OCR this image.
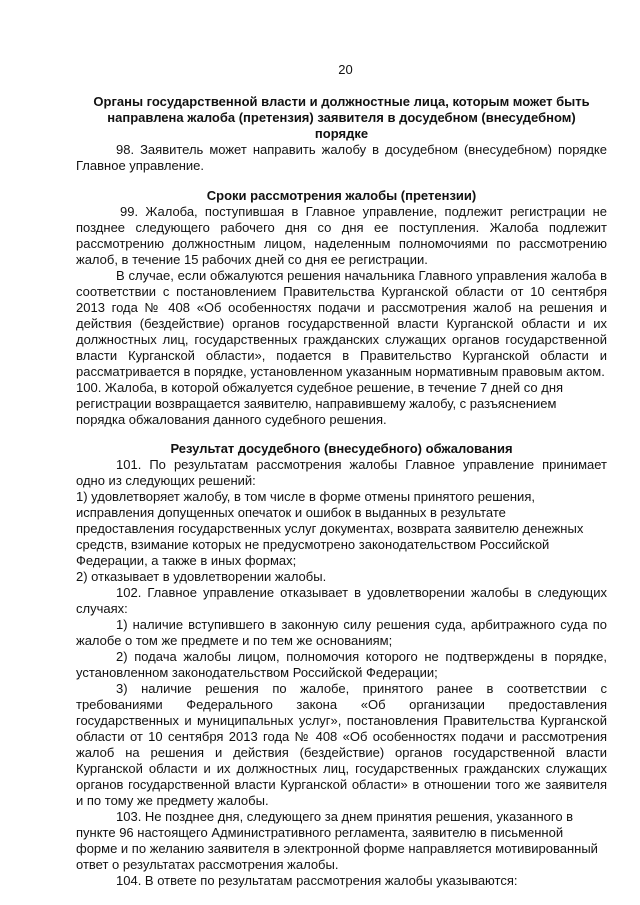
20
Органы государственной власти и должностные лица, которым может быть направлена жалоба (претензия) заявителя в досудебном (внесудебном) порядке

98. Заявитель может направить жалобу в досудебном (внесудебном) порядке Главное управление.

Сроки рассмотрения жалобы (претензии)

99. Жалоба, поступившая в Главное управление, подлежит регистрации не позднее следующего рабочего дня со дня ее поступления. Жалоба подлежит рассмотрению должностным лицом, наделенным полномочиями по рассмотрению жалоб, в течение 15 рабочих дней со дня ее регистрации.

В случае, если обжалуются решения начальника Главного управления жалоба в соответствии с постановлением Правительства Курганской области от 10 сентября 2013 года № 408 «Об особенностях подачи и рассмотрения жалоб на решения и действия (бездействие) органов государственной власти Курганской области и их должностных лиц, государственных гражданских служащих органов государственной власти Курганской области», подается в Правительство Курганской области и рассматривается в порядке, установленном указанным нормативным правовым актом.

100. Жалоба, в которой обжалуется судебное решение, в течение 7 дней со дня регистрации возвращается заявителю, направившему жалобу, с разъяснением порядка обжалования данного судебного решения.

Результат досудебного (внесудебного) обжалования

101. По результатам рассмотрения жалобы Главное управление принимает одно из следующих решений:

1) удовлетворяет жалобу, в том числе в форме отмены принятого решения, исправления допущенных опечаток и ошибок в выданных в результате предоставления государственных услуг документах, возврата заявителю денежных средств, взимание которых не предусмотрено законодательством Российской Федерации, а также в иных формах;

2) отказывает в удовлетворении жалобы.

102. Главное управление отказывает в удовлетворении жалобы в следующих случаях:

1) наличие вступившего в законную силу решения суда, арбитражного суда по жалобе о том же предмете и по тем же основаниям;

2) подача жалобы лицом, полномочия которого не подтверждены в порядке, установленном законодательством Российской Федерации;

3) наличие решения по жалобе, принятого ранее в соответствии с требованиями Федерального закона «Об организации предоставления государственных и муниципальных услуг», постановления Правительства Курганской области от 10 сентября 2013 года № 408 «Об особенностях подачи и рассмотрения жалоб на решения и действия (бездействие) органов государственной власти Курганской области и их должностных лиц, государственных гражданских служащих органов государственной власти Курганской области» в отношении того же заявителя и по тому же предмету жалобы.

103. Не позднее дня, следующего за днем принятия решения, указанного в пункте 96 настоящего Административного регламента, заявителю в письменной форме и по желанию заявителя в электронной форме направляется мотивированный ответ о результатах рассмотрения жалобы.

104. В ответе по результатам рассмотрения жалобы указываются:
